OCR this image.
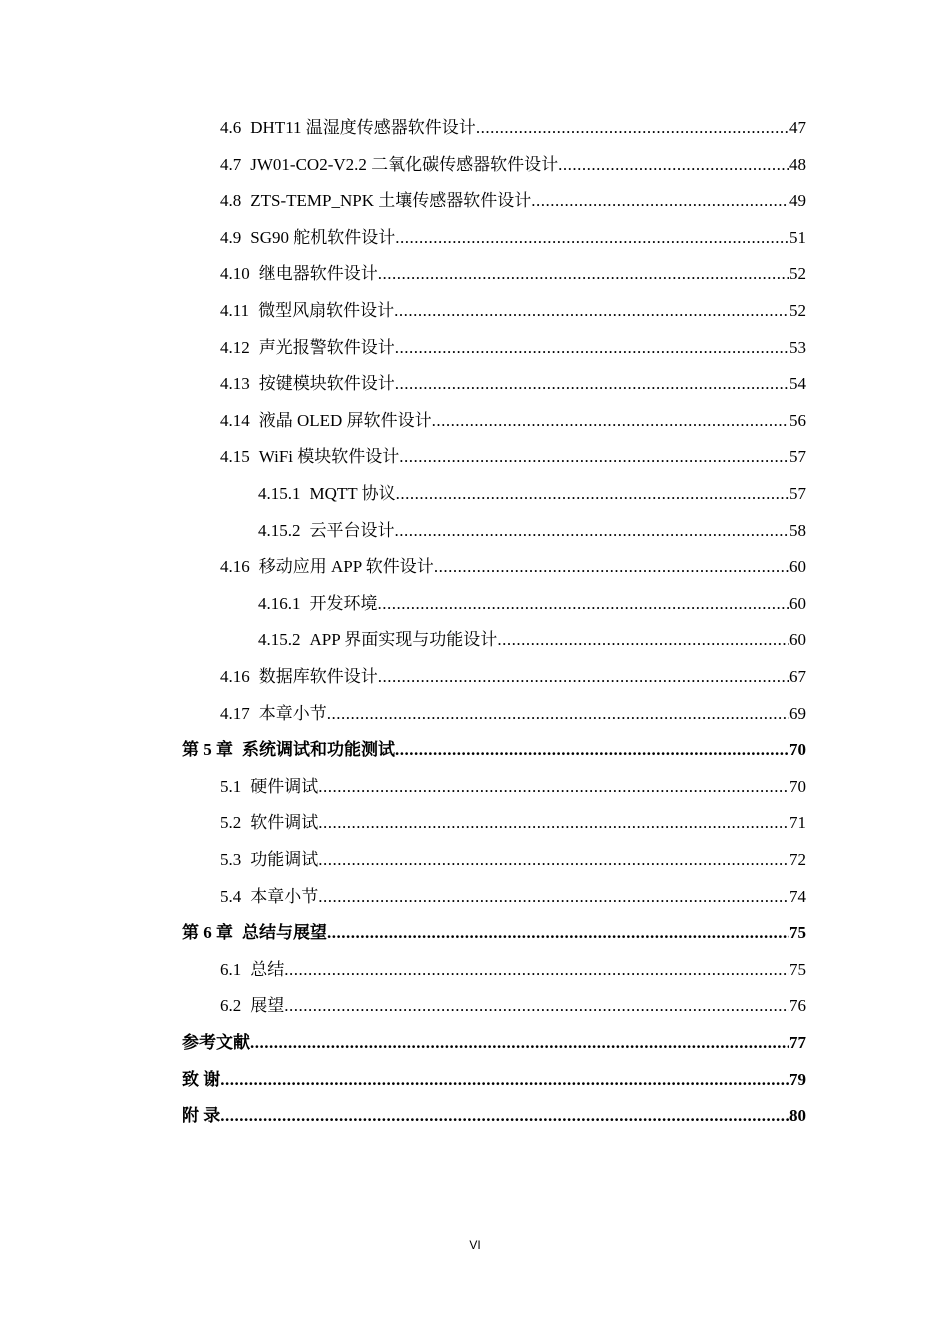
4.6 DHT11 温湿度传感器软件设计 .....	47
4.7 JW01-CO2-V2.2 二氧化碳传感器软件设计 .....	48
4.8 ZTS-TEMP_NPK 土壤传感器软件设计 .....	49
4.9 SG90 舵机软件设计 .....	51
4.10 继电器软件设计 .....	52
4.11 微型风扇软件设计 .....	52
4.12 声光报警软件设计 .....	53
4.13 按键模块软件设计 .....	54
4.14 液晶 OLED 屏软件设计 .....	56
4.15 WiFi 模块软件设计 .....	57
4.15.1 MQTT 协议 .....	57
4.15.2 云平台设计 .....	58
4.16 移动应用 APP 软件设计 .....	60
4.16.1 开发环境 .....	60
4.15.2 APP 界面实现与功能设计 .....	60
4.16 数据库软件设计 .....	67
4.17 本章小节 .....	69
第 5 章 系统调试和功能测试 .....	70
5.1 硬件调试 .....	70
5.2 软件调试 .....	71
5.3 功能调试 .....	72
5.4 本章小节 .....	74
第 6 章 总结与展望 .....	75
6.1 总结 .....	75
6.2 展望 .....	76
参考文献 .....	77
致 谢 .....	79
附 录 .....	80
VI
